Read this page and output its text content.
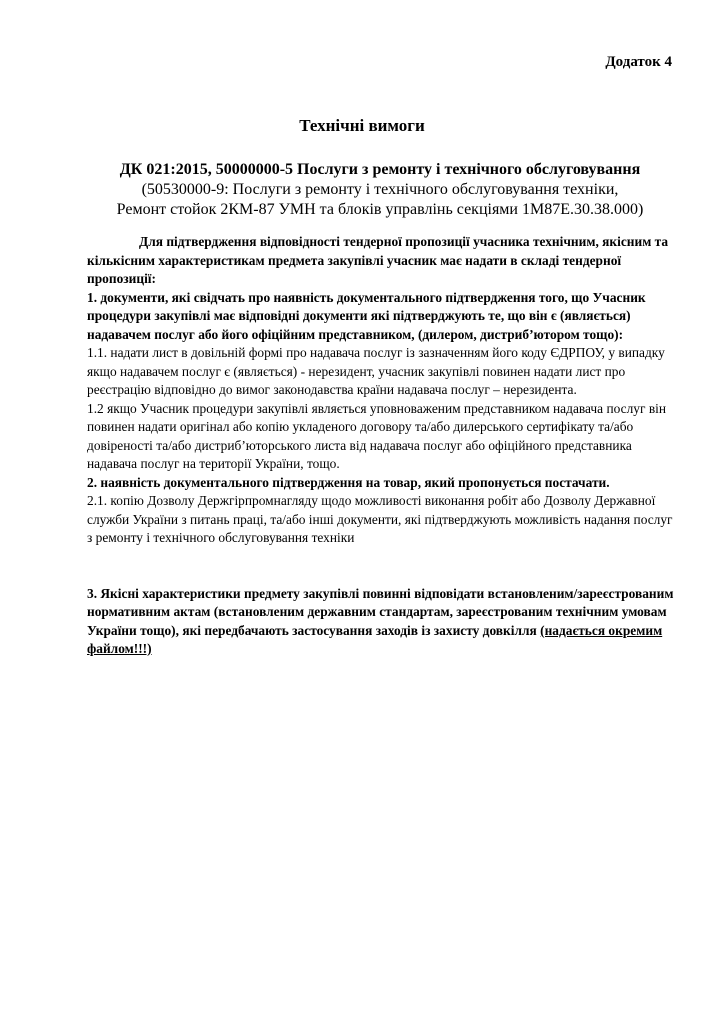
Додаток 4
Технічні вимоги
ДК 021:2015, 50000000-5 Послуги з ремонту і технічного обслуговування
(50530000-9: Послуги з ремонту і технічного обслуговування техніки,
Ремонт стойок 2КМ-87 УМН та блоків управлінь секціями 1М87Е.30.38.000)

Для підтвердження відповідності тендерної пропозиції учасника технічним, якісним та кількісним характеристикам предмета закупівлі учасник має надати в складі тендерної пропозиції:

1. документи, які свідчать про наявність документального підтвердження того, що Учасник процедури закупівлі має відповідні документи які підтверджують те, що він є (являється) надавачем послуг або його офіційним представником, (дилером, дистриб’ютором тощо):

1.1. надати лист в довільній формі про надавача послуг із зазначенням його коду ЄДРПОУ, у випадку якщо надавачем послуг є (являється) - нерезидент, учасник закупівлі повинен надати лист про реєстрацію відповідно до вимог законодавства країни надавача послуг – нерезидента.

1.2 якщо Учасник процедури закупівлі являється уповноваженим представником надавача послуг він повинен надати оригінал або копію укладеного договору та/або дилерського сертифікату та/або довіреності та/або дистриб’юторського листа від надавача послуг або офіційного представника надавача послуг на території України, тощо.

2. наявність документального підтвердження на товар, який пропонується постачати.

2.1. копію Дозволу Держгірпромнагляду щодо можливості виконання робіт або Дозволу Державної служби України з питань праці, та/або інші документи, які підтверджують можливість надання послуг з ремонту і технічного обслуговування техніки

3. Якісні характеристики предмету закупівлі повинні відповідати встановленим/зареєстрованим нормативним актам (встановленим державним стандартам, зареєстрованим технічним умовам України тощо), які передбачають застосування заходів із захисту довкілля (надається окремим файлом!!!)
